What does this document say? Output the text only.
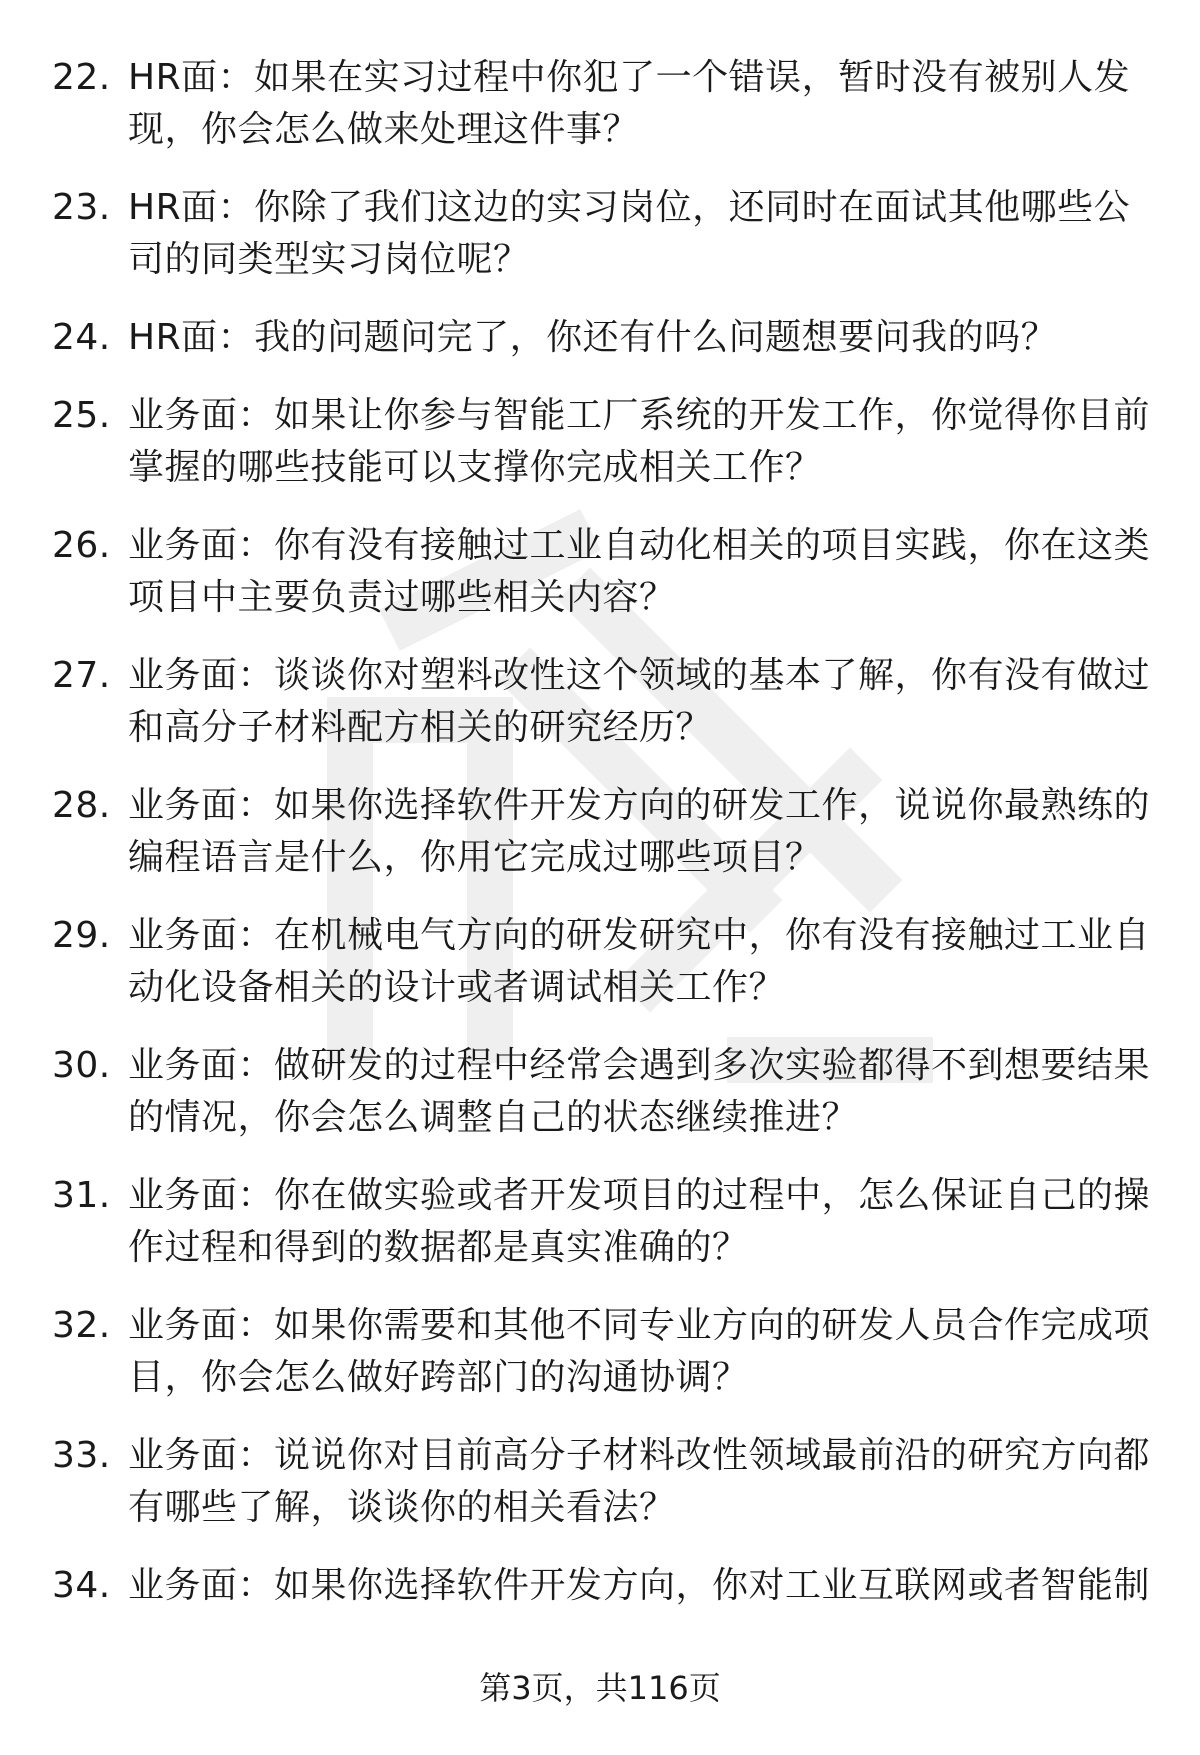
22. HR面：如果在实习过程中你犯了一个错误，暂时没有被别人发现，你会怎么做来处理这件事？
23. HR面：你除了我们这边的实习岗位，还同时在面试其他哪些公司的同类型实习岗位呢？
24. HR面：我的问题问完了，你还有什么问题想要问我的吗？
25. 业务面：如果让你参与智能工厂系统的开发工作，你觉得你目前掌握的哪些技能可以支撑你完成相关工作？
26. 业务面：你有没有接触过工业自动化相关的项目实践，你在这类项目中主要负责过哪些相关内容？
27. 业务面：谈谈你对塑料改性这个领域的基本了解，你有没有做过和高分子材料配方相关的研究经历？
28. 业务面：如果你选择软件开发方向的研发工作，说说你最熟练的编程语言是什么，你用它完成过哪些项目？
29. 业务面：在机械电气方向的研发研究中，你有没有接触过工业自动化设备相关的设计或者调试相关工作？
30. 业务面：做研发的过程中经常会遇到多次实验都得不到想要结果的情况，你会怎么调整自己的状态继续推进？
31. 业务面：你在做实验或者开发项目的过程中，怎么保证自己的操作过程和得到的数据都是真实准确的？
32. 业务面：如果你需要和其他不同专业方向的研发人员合作完成项目，你会怎么做好跨部门的沟通协调？
33. 业务面：说说你对目前高分子材料改性领域最前沿的研究方向都有哪些了解，谈谈你的相关看法？
34. 业务面：如果你选择软件开发方向，你对工业互联网或者智能制
第3页，共116页
